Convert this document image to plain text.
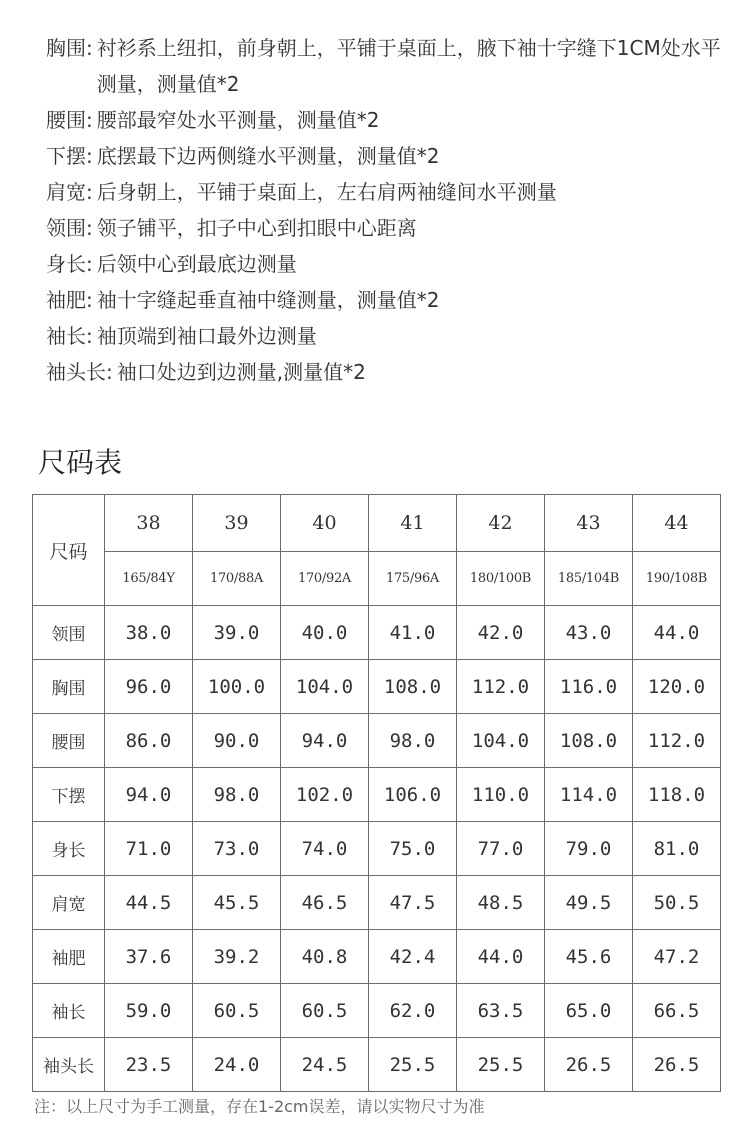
胸围: 衬衫系上纽扣，前身朝上，平铺于桌面上，腋下袖十字缝下1CM处水平测量，测量值*2
腰围: 腰部最窄处水平测量，测量值*2
下摆: 底摆最下边两侧缝水平测量，测量值*2
肩宽: 后身朝上，平铺于桌面上，左右肩两袖缝间水平测量
领围: 领子铺平，扣子中心到扣眼中心距离
身长: 后领中心到最底边测量
袖肥: 袖十字缝起垂直袖中缝测量，测量值*2
袖长: 袖顶端到袖口最外边测量
袖头长: 袖口处边到边测量,测量值*2
尺码表
尺码	38	39	40	41	42	43	44
	165/84Y	170/88A	170/92A	175/96A	180/100B	185/104B	190/108B
领围	38.0	39.0	40.0	41.0	42.0	43.0	44.0
胸围	96.0	100.0	104.0	108.0	112.0	116.0	120.0
腰围	86.0	90.0	94.0	98.0	104.0	108.0	112.0
下摆	94.0	98.0	102.0	106.0	110.0	114.0	118.0
身长	71.0	73.0	74.0	75.0	77.0	79.0	81.0
肩宽	44.5	45.5	46.5	47.5	48.5	49.5	50.5
袖肥	37.6	39.2	40.8	42.4	44.0	45.6	47.2
袖长	59.0	60.5	60.5	62.0	63.5	65.0	66.5
袖头长	23.5	24.0	24.5	25.5	25.5	26.5	26.5
注：以上尺寸为手工测量，存在1-2cm误差，请以实物尺寸为准
